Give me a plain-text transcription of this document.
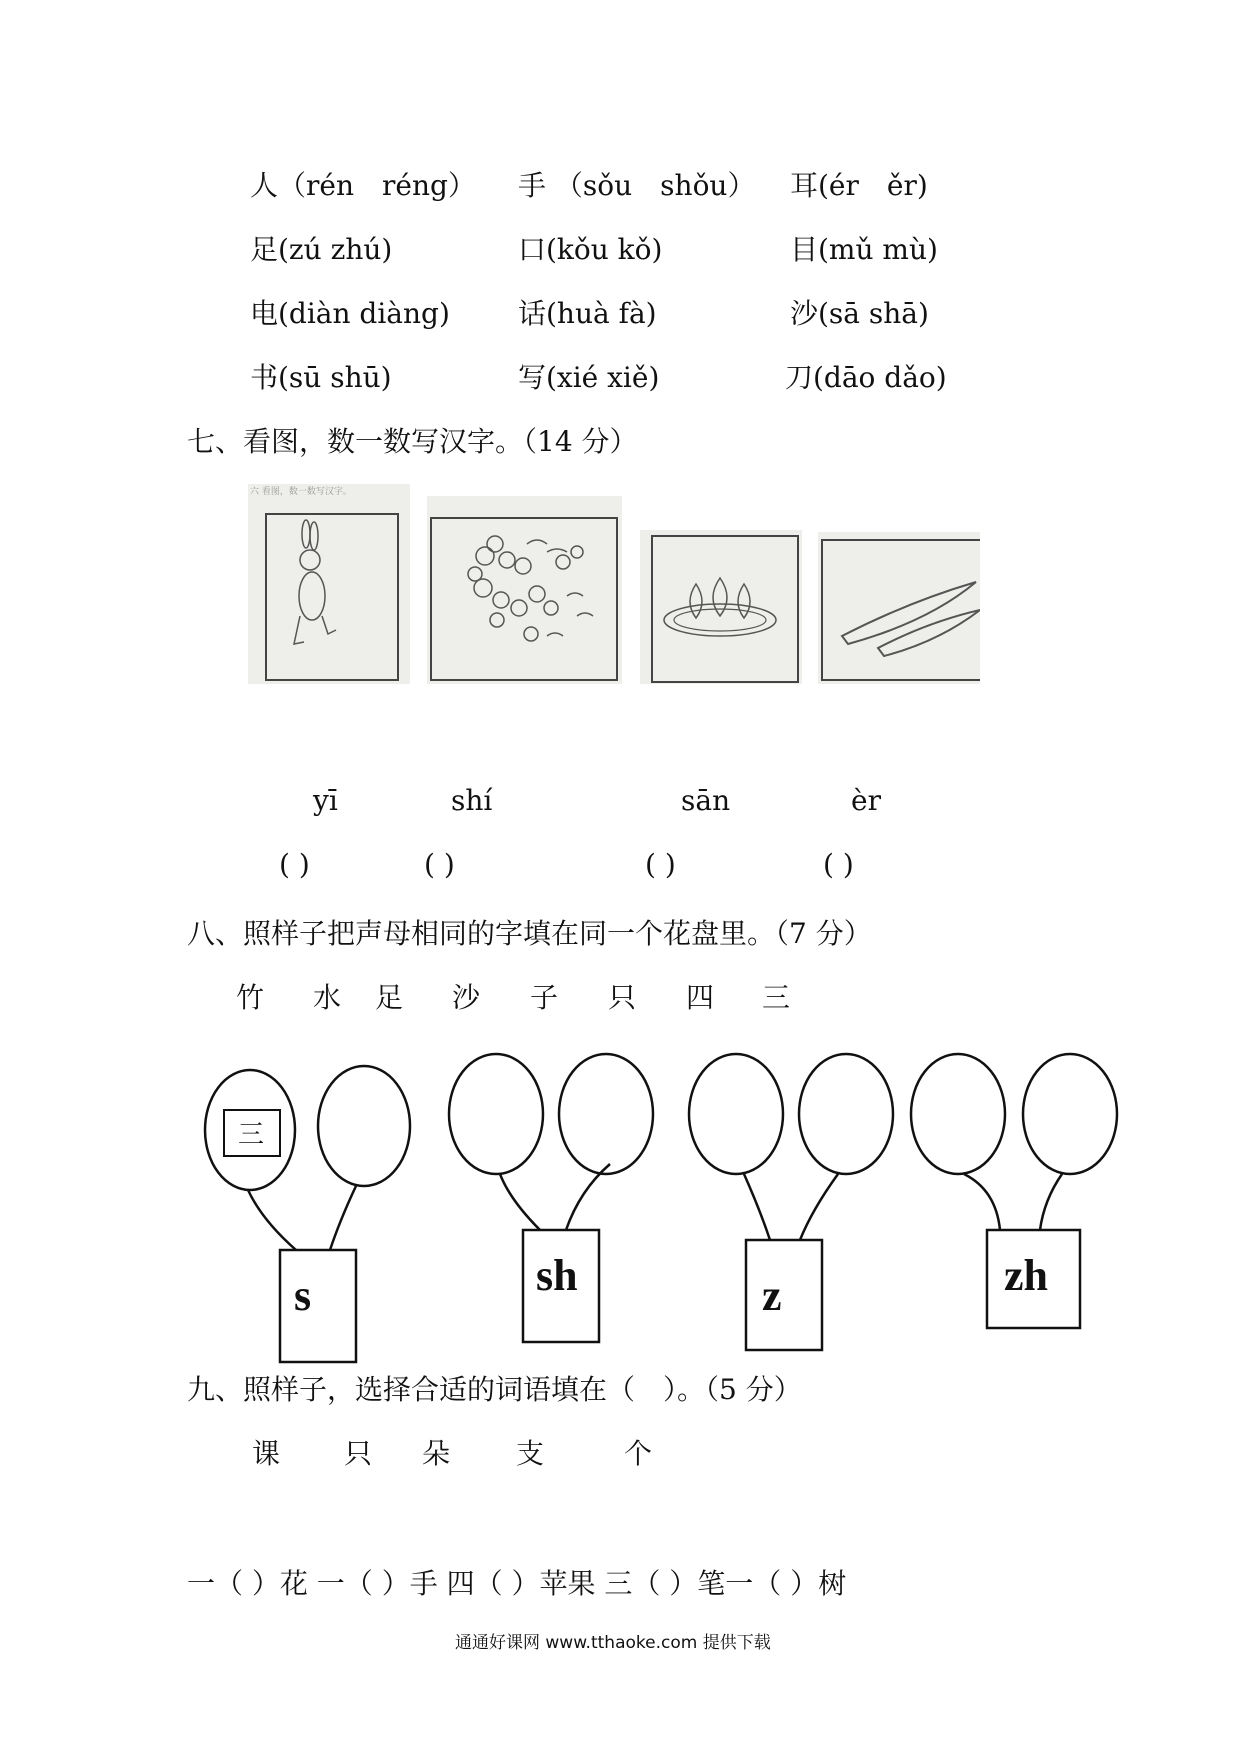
人（rén　réng） 手 （sǒu　shǒu） 耳(ér　ěr)
足(zú zhú)	口(kǒu kǒ)	目(mǔ mù)
电(diàn diàng) 话(huà fà)	沙(sā shā)
书(sū shū)	写(xié xiě)	刀(dāo dǎo)
七、看图，数一数写汉字。（14 分）
六 看图，数一数写汉字。
yī	shí	sān	èr
( )	( )	( )	( )
八、照样子把声母相同的字填在同一个花盘里。（7 分）
竹 水 足 沙 子 只 四 三
三
s	sh	z	zh
九、照样子，选择合适的词语填在（　）。（5 分）
课 只 朵 支	个
一（ ）花 一（ ）手 四（ ）苹果 三（ ）笔一（ ）树
通通好课网 www.tthaoke.com 提供下载
